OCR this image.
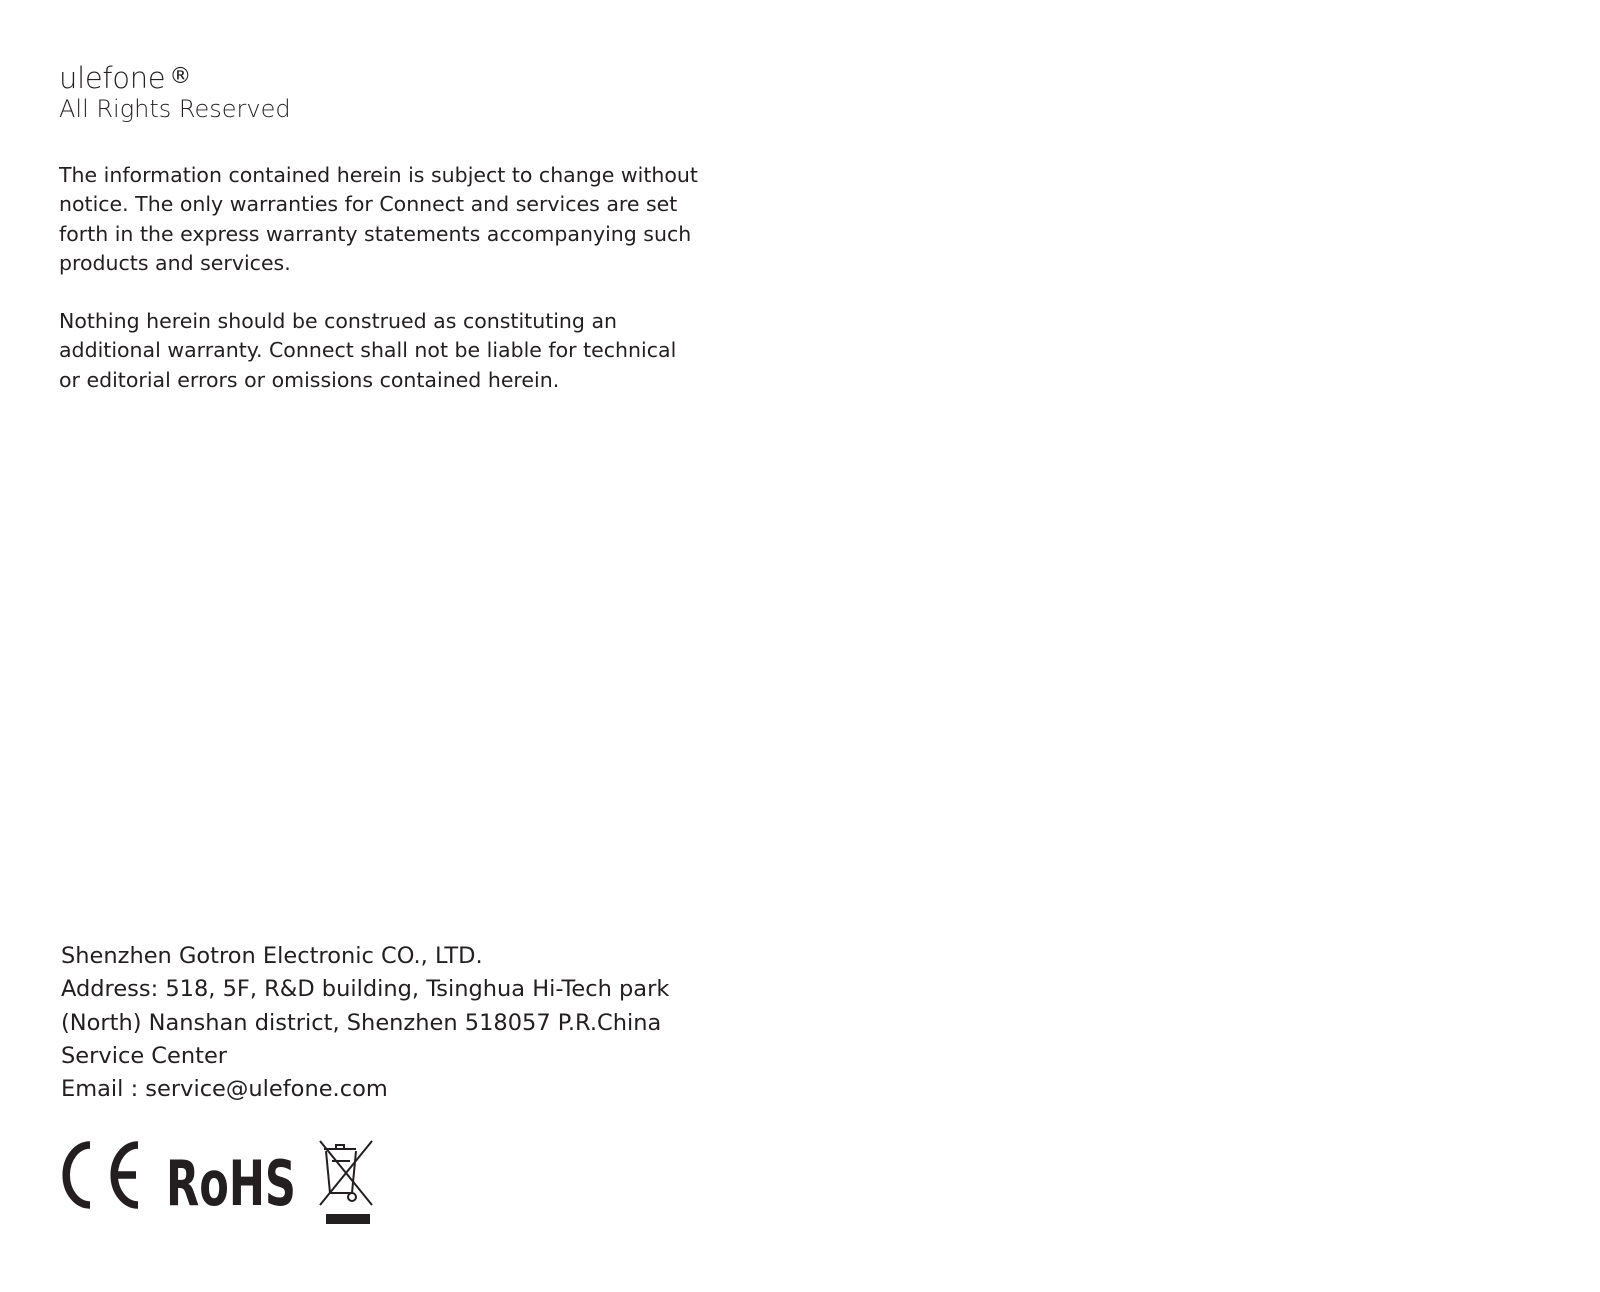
ulefone ®
All Rights Reserved

The information contained herein is subject to change without
notice. The only warranties for Connect and services are set
forth in the express warranty statements accompanying such
products and services.

Nothing herein should be construed as constituting an
additional warranty. Connect shall not be liable for technical
or editorial errors or omissions contained herein.

Shenzhen Gotron Electronic CO., LTD.
Address: 518, 5F, R&D building, Tsinghua Hi-Tech park
(North) Nanshan district, Shenzhen 518057 P.R.China
Service Center
Email : service@ulefone.com
RoHS
